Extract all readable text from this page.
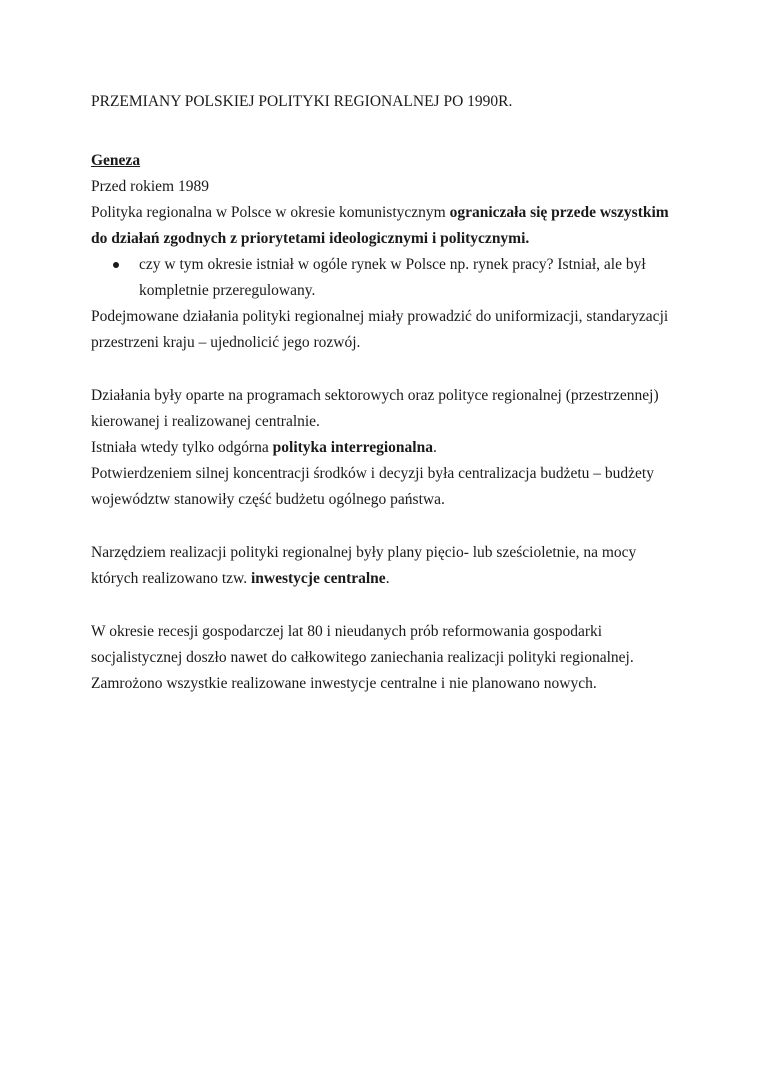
PRZEMIANY POLSKIEJ POLITYKI REGIONALNEJ PO 1990R.
Geneza
Przed rokiem 1989
Polityka regionalna w Polsce w okresie komunistycznym ograniczała się przede wszystkim
do działań zgodnych z priorytetami ideologicznymi i politycznymi.
czy w tym okresie istniał w ogóle rynek w Polsce np. rynek pracy? Istniał, ale był
kompletnie przeregulowany.
Podejmowane działania polityki regionalnej miały prowadzić do uniformizacji, standaryzacji
przestrzeni kraju – ujednolicić jego rozwój.
Działania były oparte na programach sektorowych oraz polityce regionalnej (przestrzennej)
kierowanej i realizowanej centralnie.
Istniała wtedy tylko odgórna polityka interregionalna.
Potwierdzeniem silnej koncentracji środków i decyzji była centralizacja budżetu – budżety
województw stanowiły część budżetu ogólnego państwa.
Narzędziem realizacji polityki regionalnej były plany pięcio- lub sześcioletnie, na mocy
których realizowano tzw. inwestycje centralne.
W okresie recesji gospodarczej lat 80 i nieudanych prób reformowania gospodarki
socjalistycznej doszło nawet do całkowitego zaniechania realizacji polityki regionalnej.
Zamrożono wszystkie realizowane inwestycje centralne i nie planowano nowych.
